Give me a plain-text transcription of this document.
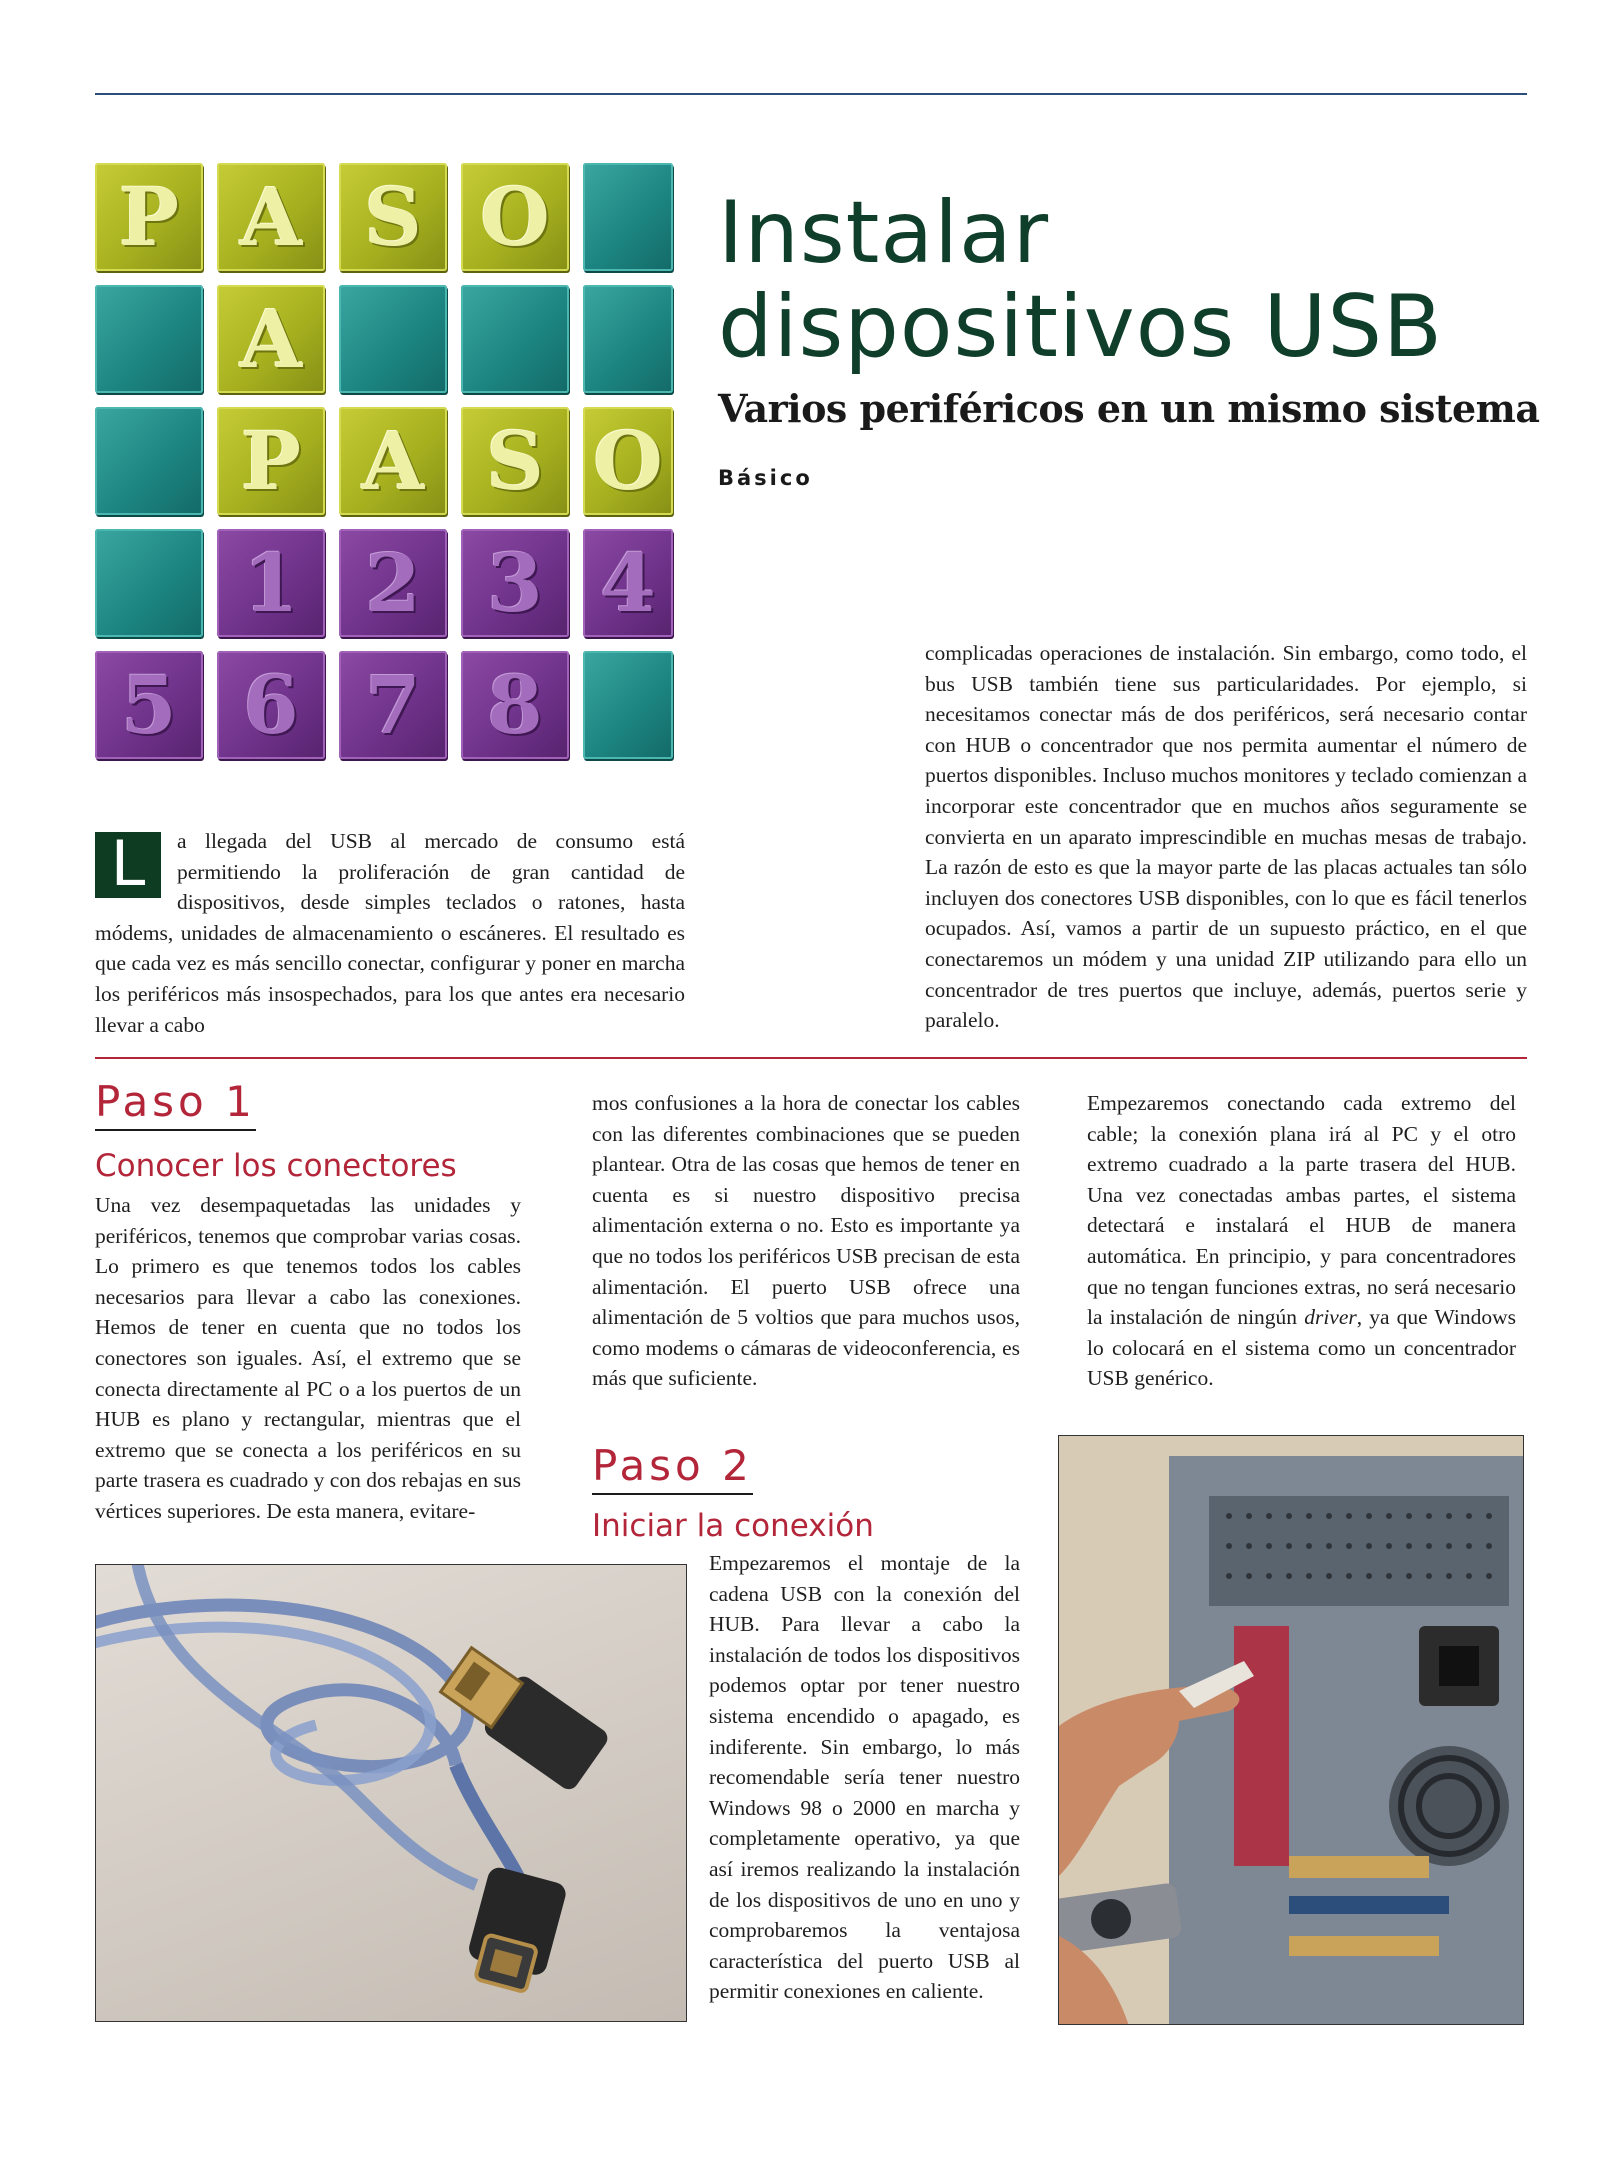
P A S O
A
P A S O
1 2 3 4
5 6 7 8
Instalar
dispositivos USB
Varios periféricos en un mismo sistema
Básico
complicadas operaciones de instalación. Sin embargo, como todo, el bus USB también tiene sus particularidades. Por ejemplo, si necesitamos conectar más de dos periféricos, será necesario contar con HUB o concentrador que nos permita aumentar el número de puertos disponibles. Incluso muchos monitores y teclado comienzan a incorporar este concentrador que en muchos años seguramente se convierta en un aparato imprescindible en muchas mesas de trabajo. La razón de esto es que la mayor parte de las placas actuales tan sólo incluyen dos conectores USB disponibles, con lo que es fácil tenerlos ocupados. Así, vamos a partir de un supuesto práctico, en el que conectaremos un módem y una unidad ZIP utilizando para ello un concentrador de tres puertos que incluye, además, puertos serie y paralelo.
L	a llegada del USB al mercado de consumo está permitiendo la proliferación de gran cantidad de dispositivos, desde simples teclados o ratones, hasta módems, unidades de almacenamiento o escáneres. El resultado es que cada vez es más sencillo conectar, configurar y poner en marcha los periféricos más insospechados, para los que antes era necesario llevar a cabo
Paso 1
Conocer los conectores
Una vez desempaquetadas las unidades y periféricos, tenemos que comprobar varias cosas. Lo primero es que tenemos todos los cables necesarios para llevar a cabo las conexiones. Hemos de tener en cuenta que no todos los conectores son iguales. Así, el extremo que se conecta directamente al PC o a los puertos de un HUB es plano y rectangular, mientras que el extremo que se conecta a los periféricos en su parte trasera es cuadrado y con dos rebajas en sus vértices superiores. De esta manera, evitare-
mos confusiones a la hora de conectar los cables con las diferentes combinaciones que se pueden plantear. Otra de las cosas que hemos de tener en cuenta es si nuestro dispositivo precisa alimentación externa o no. Esto es importante ya que no todos los periféricos USB precisan de esta alimentación. El puerto USB ofrece una alimentación de 5 voltios que para muchos usos, como modems o cámaras de videoconferencia, es más que suficiente.
Paso 2
Iniciar la conexión
Empezaremos el montaje de la cadena USB con la conexión del HUB. Para llevar a cabo la instalación de todos los dispositivos podemos optar por tener nuestro sistema encendido o apagado, es indiferente. Sin embargo, lo más recomendable sería tener nuestro Windows 98 o 2000 en marcha y completamente operativo, ya que así iremos realizando la instalación de los dispositivos de uno en uno y comprobaremos la ventajosa característica del puerto USB al permitir conexiones en caliente.
Empezaremos conectando cada extremo del cable; la conexión plana irá al PC y el otro extremo cuadrado a la parte trasera del HUB. Una vez conectadas ambas partes, el sistema detectará e instalará el HUB de manera automática. En principio, y para concentradores que no tengan funciones extras, no será necesario la instalación de ningún driver, ya que Windows lo colocará en el sistema como un concentrador USB genérico.
